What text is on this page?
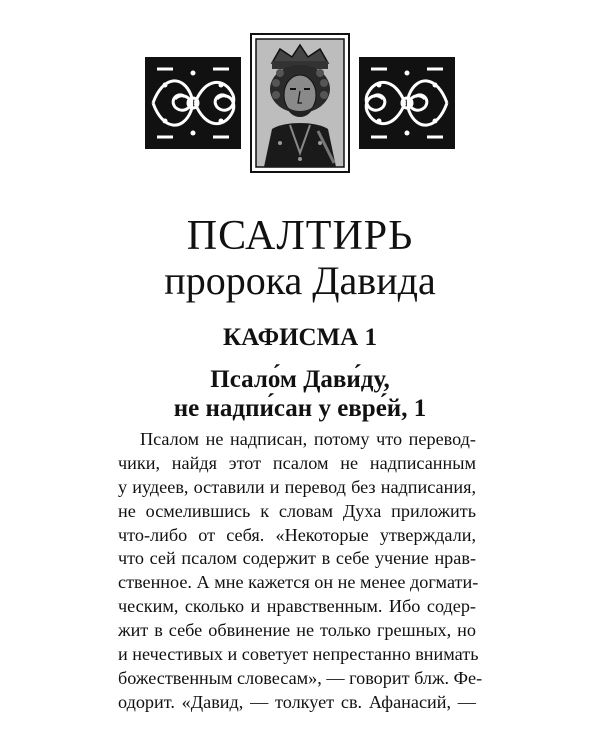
ПСАЛТИРЬ
пророка Давида
КАФИСМА 1
Псало́м Дави́ду,
не надпи́сан у евре́й, 1
Псалом не надписан, потому что перевод-
чики, найдя этот псалом не надписанным
у иудеев, оставили и перевод без надписания,
не осмелившись к словам Духа приложить
что-либо от себя. «Некоторые утверждали,
что сей псалом содержит в себе учение нрав-
ственное. А мне кажется он не менее догмати-
ческим, сколько и нравственным. Ибо содер-
жит в себе обвинение не только грешных, но
и нечестивых и советует непрестанно внимать
божественным словесам», — говорит блж. Фе-
одорит. «Давид, — толкует св. Афанасий, —
